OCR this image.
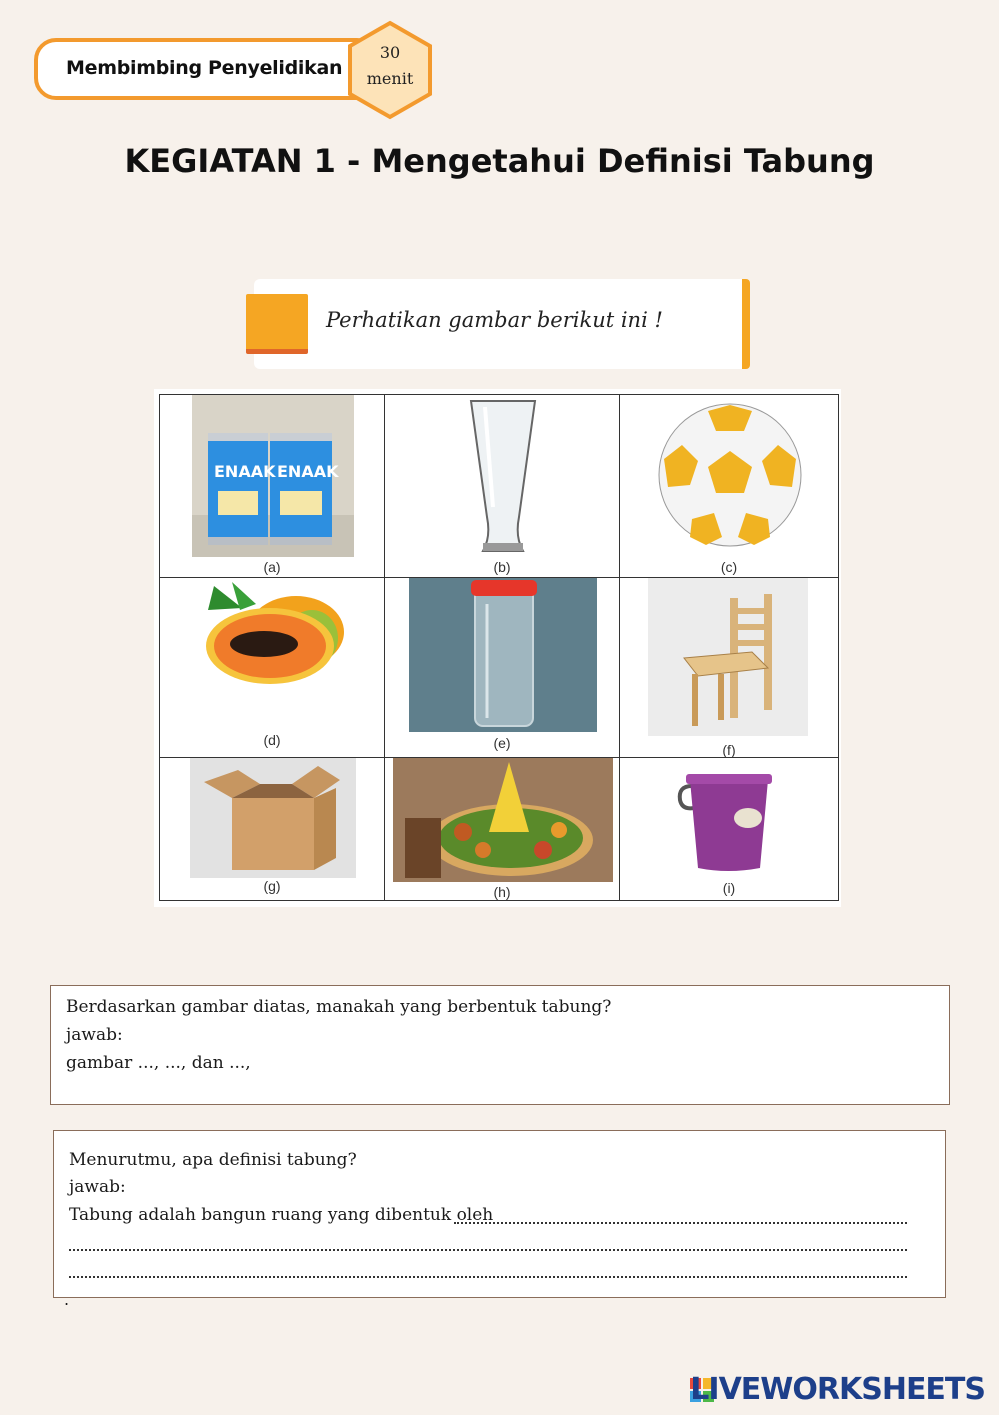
Membimbing Penyelidikan
30
menit
KEGIATAN 1 - Mengetahui Definisi Tabung
Perhatikan gambar berikut ini !
ENAAK ENAAK
(a)	(b)	(c)

(d)	(e)	(f)

(g)	(h)	(i)
Berdasarkan gambar diatas, manakah yang berbentuk tabung?
jawab:
gambar ..., ..., dan ...,
Menurutmu, apa definisi tabung?
jawab:
Tabung adalah bangun ruang yang dibentuk oleh
.
LIVEWORKSHEETS
